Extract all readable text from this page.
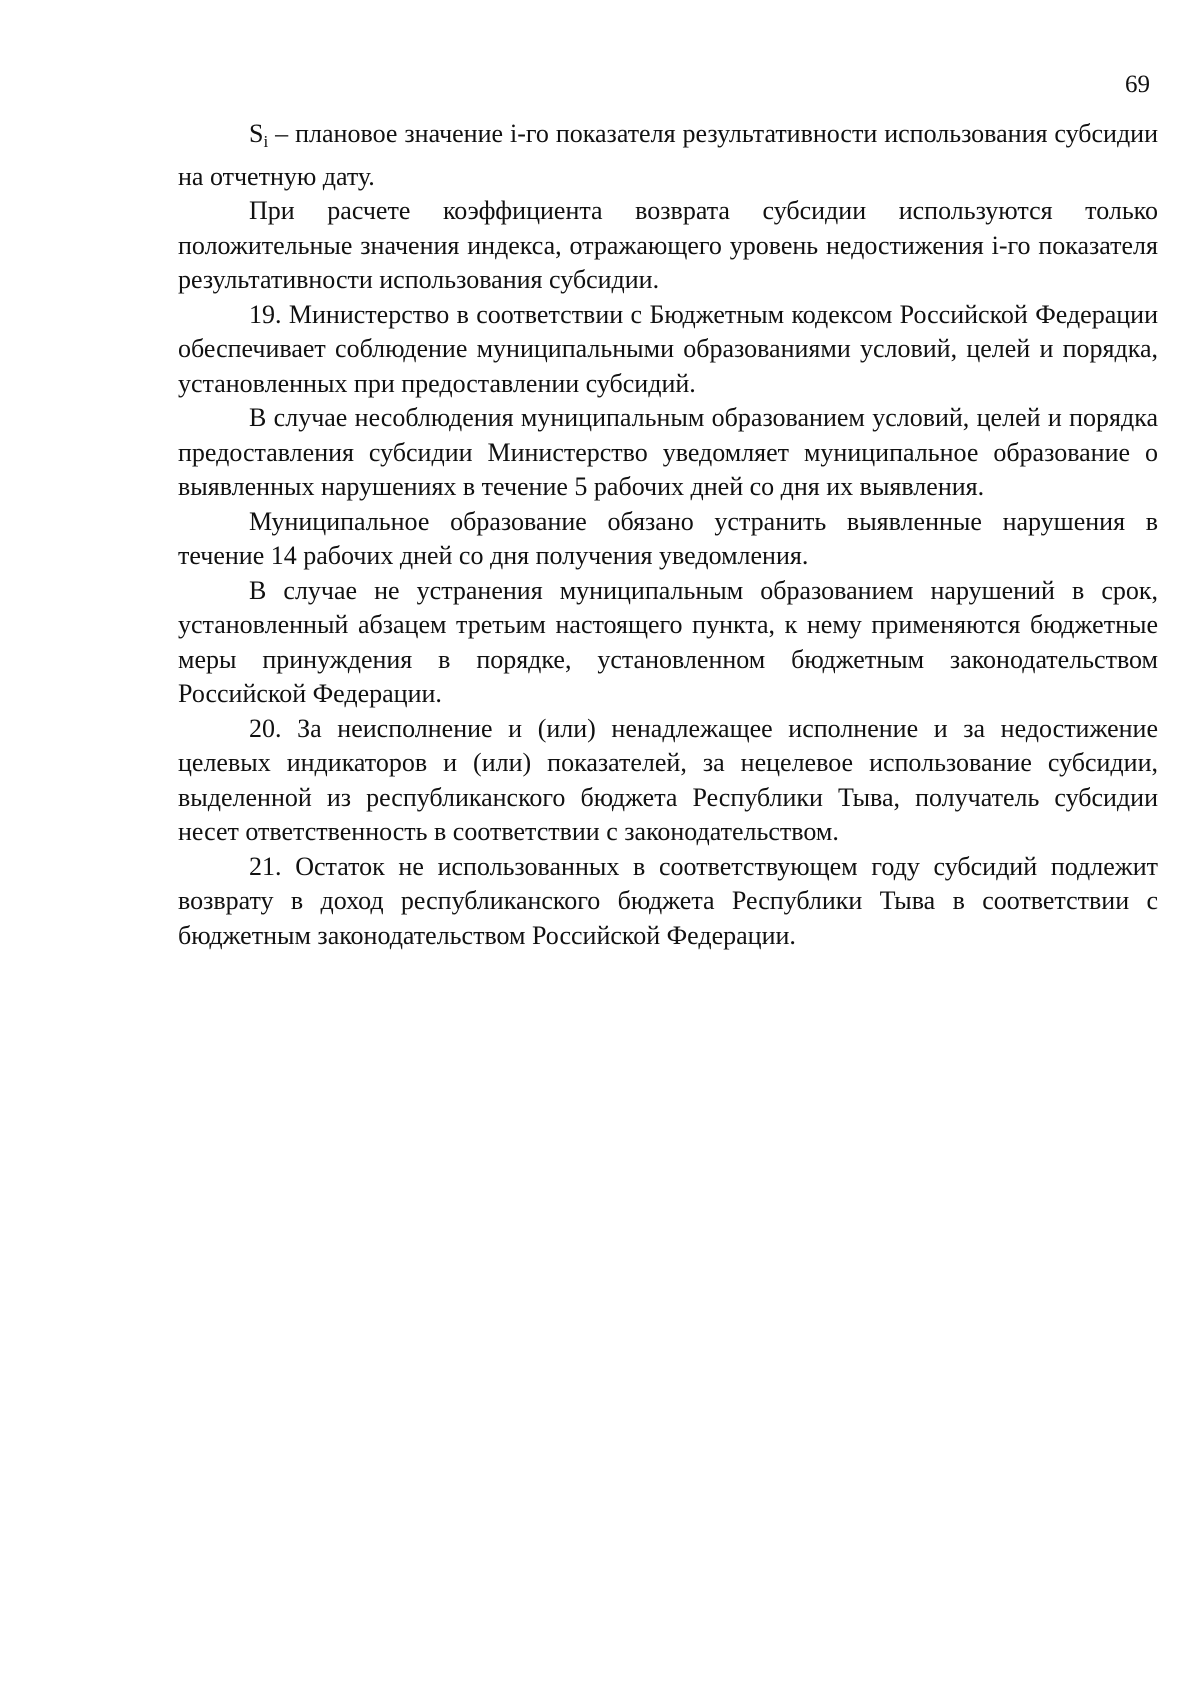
69

$S_i$ – плановое значение i-го показателя результативности использования субсидии на отчетную дату.

При расчете коэффициента возврата субсидии используются только положительные значения индекса, отражающего уровень недостижения i-го показателя результативности использования субсидии.

19. Министерство в соответствии с Бюджетным кодексом Российской Федерации обеспечивает соблюдение муниципальными образованиями условий, целей и порядка, установленных при предоставлении субсидий.

В случае несоблюдения муниципальным образованием условий, целей и порядка предоставления субсидии Министерство уведомляет муниципальное образование о выявленных нарушениях в течение 5 рабочих дней со дня их выявления.

Муниципальное образование обязано устранить выявленные нарушения в течение 14 рабочих дней со дня получения уведомления.

В случае не устранения муниципальным образованием нарушений в срок, установленный абзацем третьим настоящего пункта, к нему применяются бюджетные меры принуждения в порядке, установленном бюджетным законодательством Российской Федерации.

20. За неисполнение и (или) ненадлежащее исполнение и за недостижение целевых индикаторов и (или) показателей, за нецелевое использование субсидии, выделенной из республиканского бюджета Республики Тыва, получатель субсидии несет ответственность в соответствии с законодательством.

21. Остаток не использованных в соответствующем году субсидий подлежит возврату в доход республиканского бюджета Республики Тыва в соответствии с бюджетным законодательством Российской Федерации.
